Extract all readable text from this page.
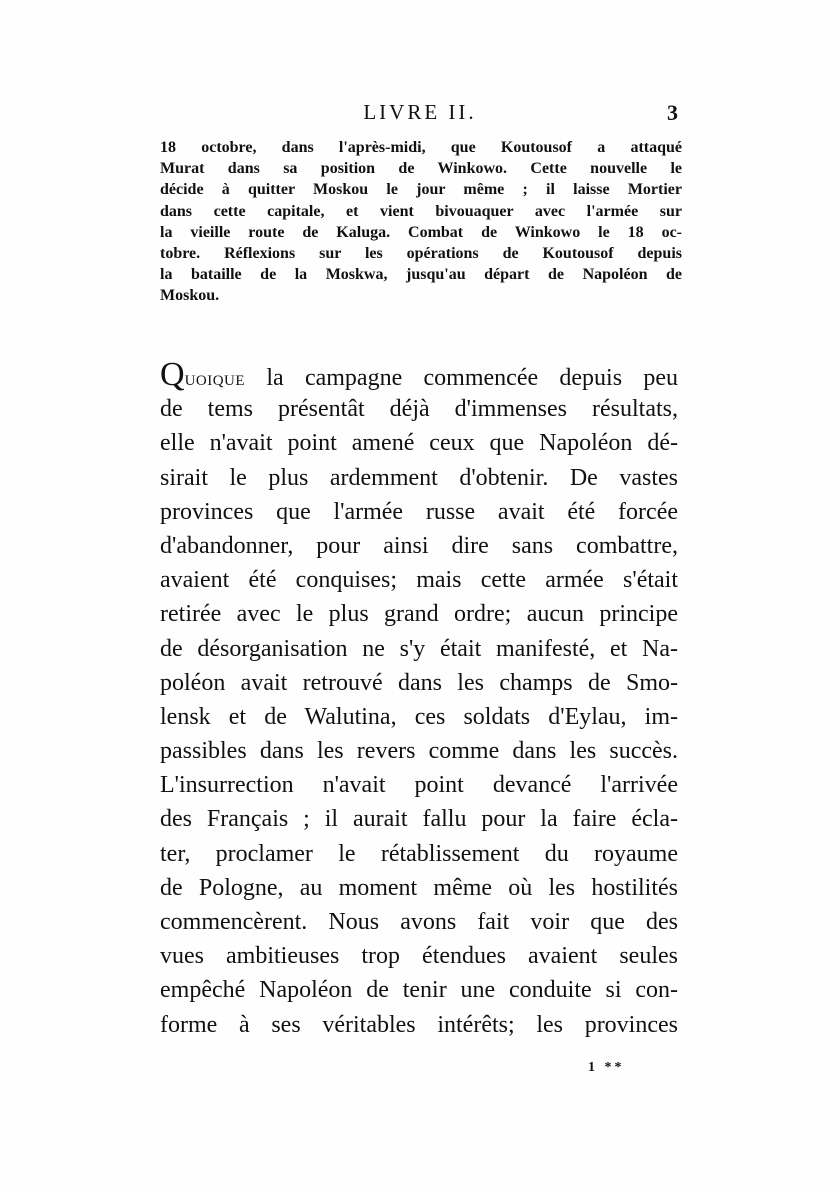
LIVRE II.	3
18 octobre, dans l'après-midi, que Koutousof a attaqué
Murat dans sa position de Winkowo. Cette nouvelle le
décide à quitter Moskou le jour même ; il laisse Mortier
dans cette capitale, et vient bivouaquer avec l'armée sur
la vieille route de Kaluga. Combat de Winkowo le 18 oc-
tobre. Réflexions sur les opérations de Koutousof depuis
la bataille de la Moskwa, jusqu'au départ de Napoléon de
Moskou.
Quoique la campagne commencée depuis peu
de tems présentât déjà d'immenses résultats,
elle n'avait point amené ceux que Napoléon dé-
sirait le plus ardemment d'obtenir. De vastes
provinces que l'armée russe avait été forcée
d'abandonner, pour ainsi dire sans combattre,
avaient été conquises; mais cette armée s'était
retirée avec le plus grand ordre; aucun principe
de désorganisation ne s'y était manifesté, et Na-
poléon avait retrouvé dans les champs de Smo-
lensk et de Walutina, ces soldats d'Eylau, im-
passibles dans les revers comme dans les succès.
L'insurrection n'avait point devancé l'arrivée
des Français ; il aurait fallu pour la faire écla-
ter, proclamer le rétablissement du royaume
de Pologne, au moment même où les hostilités
commencèrent. Nous avons fait voir que des
vues ambitieuses trop étendues avaient seules
empêché Napoléon de tenir une conduite si con-
forme à ses véritables intérêts; les provinces
1 **
